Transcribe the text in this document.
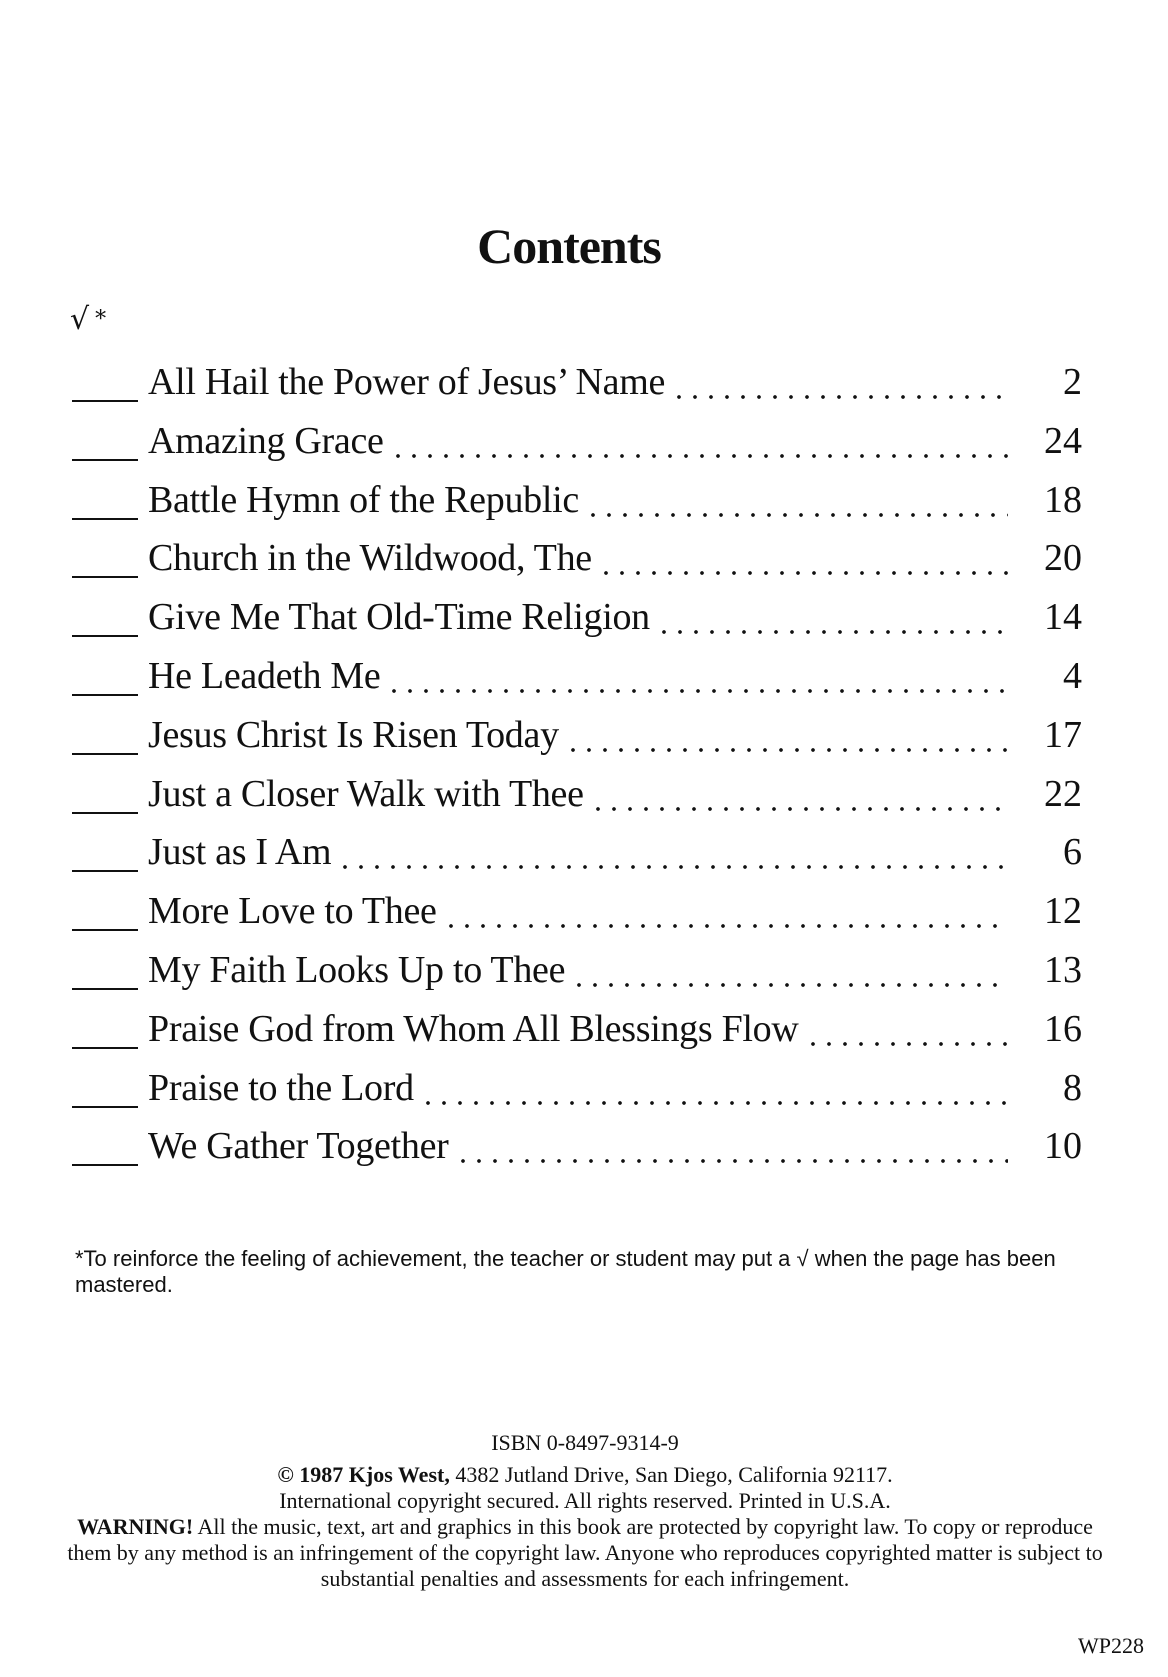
Contents
√ *
All Hail the Power of Jesus’ Name	2
Amazing Grace	24
Battle Hymn of the Republic	18
Church in the Wildwood, The	20
Give Me That Old-Time Religion	14
He Leadeth Me	4
Jesus Christ Is Risen Today	17
Just a Closer Walk with Thee	22
Just as I Am	6
More Love to Thee	12
My Faith Looks Up to Thee	13
Praise God from Whom All Blessings Flow	16
Praise to the Lord	8
We Gather Together	10

*To reinforce the feeling of achievement, the teacher or student may put a √ when the page has been mastered.

ISBN 0-8497-9314-9

© 1987 Kjos West, 4382 Jutland Drive, San Diego, California 92117.

International copyright secured. All rights reserved. Printed in U.S.A.

WARNING! All the music, text, art and graphics in this book are protected by copyright law. To copy or reproduce them by any method is an infringement of the copyright law. Anyone who reproduces copyrighted matter is subject to substantial penalties and assessments for each infringement.

WP228
